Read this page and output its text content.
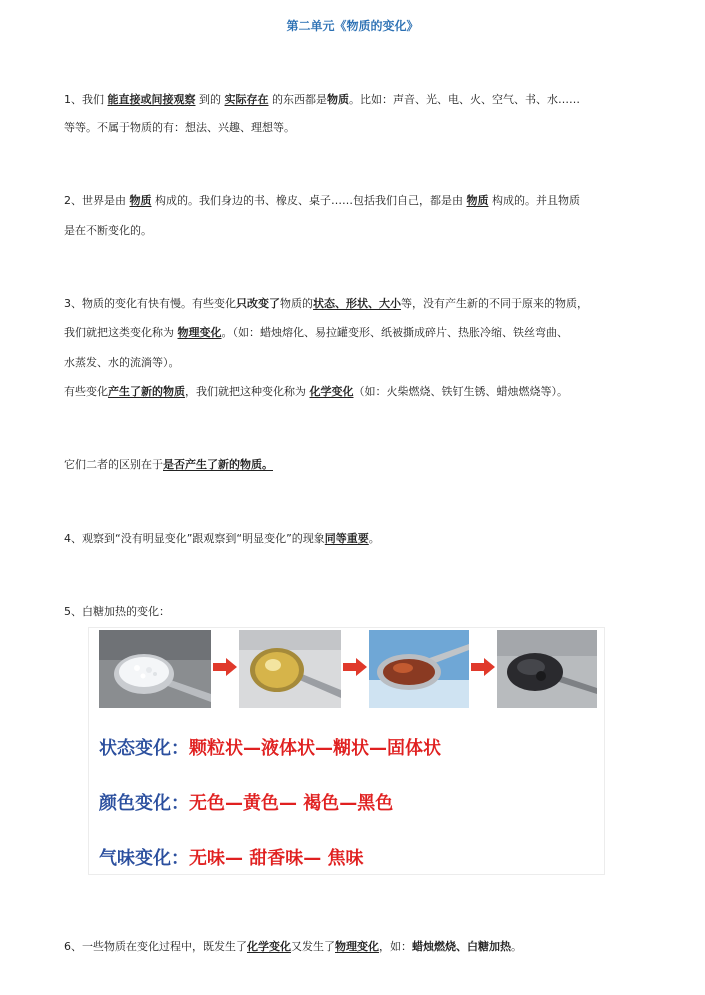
第二单元《物质的变化》
1、我们 能直接或间接观察 到的 实际存在 的东西都是物质。比如：声音、光、电、火、空气、书、水……
等等。不属于物质的有：想法、兴趣、理想等。
2、世界是由 物质 构成的。我们身边的书、橡皮、桌子……包括我们自己，都是由 物质 构成的。并且物质
是在不断变化的。
3、物质的变化有快有慢。有些变化只改变了物质的状态、形状、大小等，没有产生新的不同于原来的物质，
我们就把这类变化称为 物理变化。（如：蜡烛熔化、易拉罐变形、纸被撕成碎片、热胀冷缩、铁丝弯曲、
水蒸发、水的流淌等）。
有些变化产生了新的物质，我们就把这种变化称为 化学变化（如：火柴燃烧、铁钉生锈、蜡烛燃烧等）。
它们二者的区别在于是否产生了新的物质。
4、观察到“没有明显变化”跟观察到“明显变化”的现象同等重要。
5、白糖加热的变化：
状态变化：颗粒状—液体状—糊状—固体状
颜色变化：无色—黄色— 褐色—黑色
气味变化：无味— 甜香味— 焦味
6、一些物质在变化过程中，既发生了化学变化又发生了物理变化，如：蜡烛燃烧、白糖加热。
